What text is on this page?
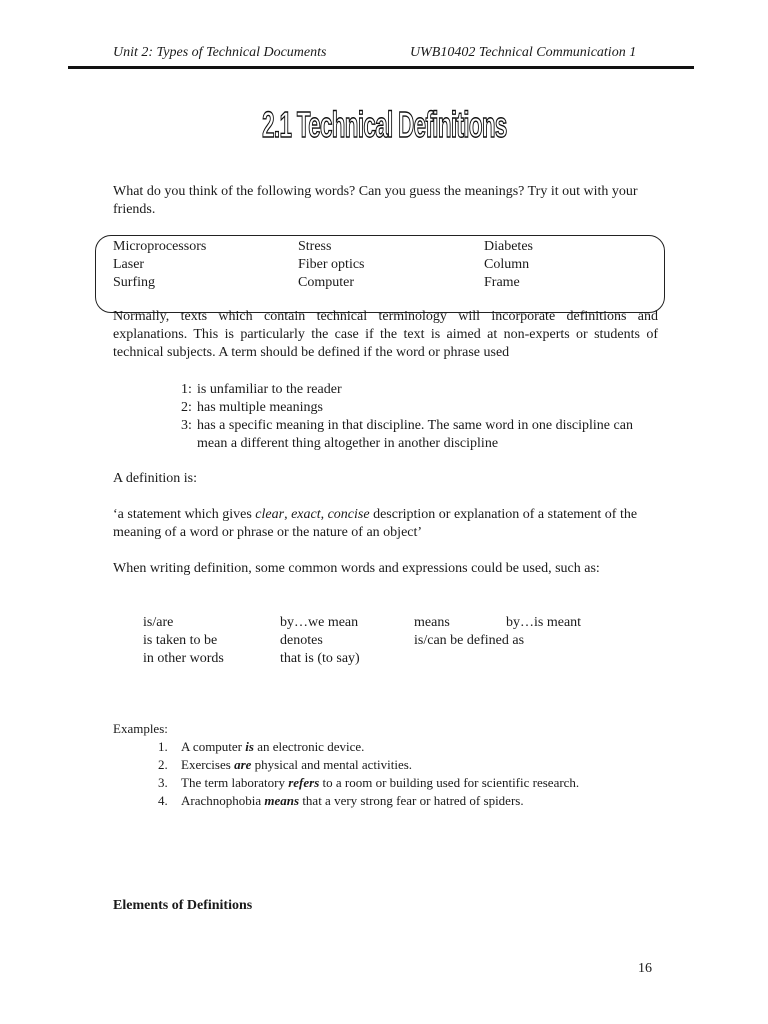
Unit 2: Types of Technical Documents	UWB10402 Technical Communication 1
2.1 Technical Definitions
What do you think of the following words? Can you guess the meanings? Try it out with your friends.
Microprocessors	Stress	Diabetes
Laser	Fiber optics	Column
Surfing	Computer	Frame
Normally, texts which contain technical terminology will incorporate definitions and explanations. This is particularly the case if the text is aimed at non-experts or students of technical subjects. A term should be defined if the word or phrase used
1: is unfamiliar to the reader
2: has multiple meanings
3: has a specific meaning in that discipline. The same word in one discipline can mean a different thing altogether in another discipline
A definition is:
‘a statement which gives clear, exact, concise description or explanation of a statement of the meaning of a word or phrase or the nature of an object’
When writing definition, some common words and expressions could be used, such as:
is/are	by…we mean	means	by…is meant
is taken to be	denotes	is/can be defined as
in other words	that is (to say)
Examples:
1. A computer is an electronic device.
2. Exercises are physical and mental activities.
3. The term laboratory refers to a room or building used for scientific research.
4. Arachnophobia means that a very strong fear or hatred of spiders.
Elements of Definitions
16
